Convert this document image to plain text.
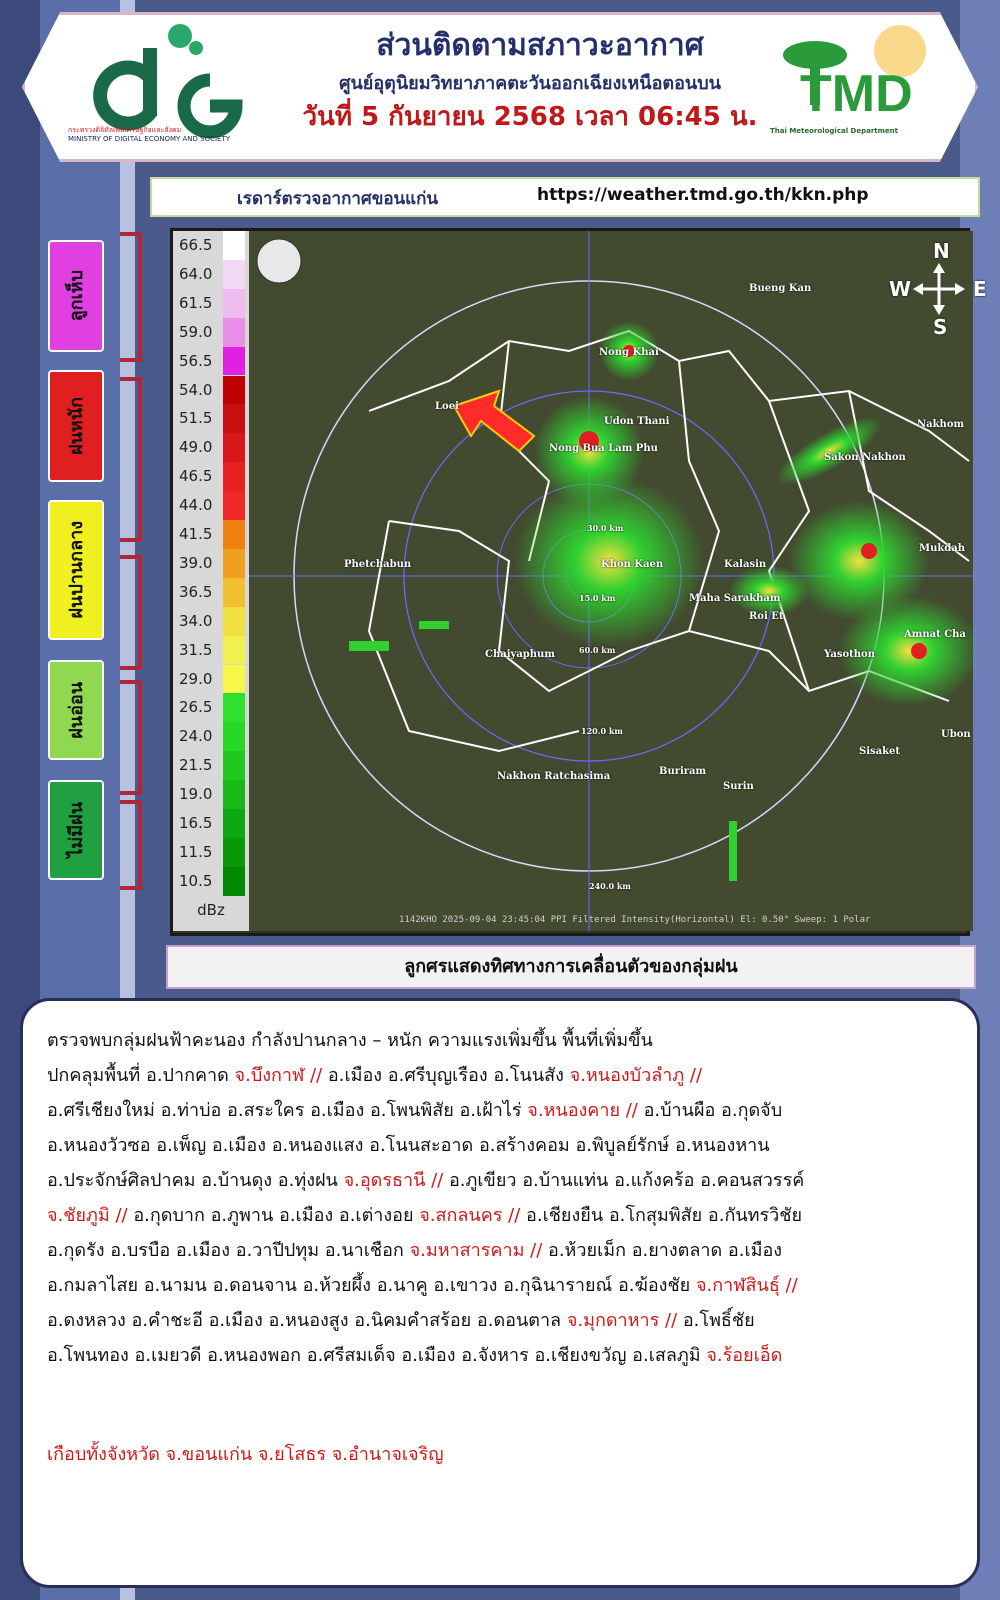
กระทรวงดิจิทัลเพื่อเศรษฐกิจและสังคม
MINISTRY OF DIGITAL ECONOMY AND SOCIETY
ส่วนติดตามสภาวะอากาศ
ศูนย์อุตุนิยมวิทยาภาคตะวันออกเฉียงเหนือตอนบน
วันที่ 5 กันยายน 2568 เวลา 06:45 น. TMD
Thai Meteorological Department
เรดาร์ตรวจอากาศขอนแก่น	https://weather.tmd.go.th/kkn.php
ลูกเห็บ
ฝนหนัก
ฝนปานกลาง
ฝนอ่อน
ไม่มีฝน
66.5
64.0
61.5
59.0
56.5
54.0
51.5
49.0
46.5
44.0
41.5
39.0
36.5
34.0
31.5
29.0
26.5
24.0
21.5
19.0
16.5
11.5
10.5
dBz
Bueng Kan
Nong Khai
Udon Thani	Nakhom
Nong Bua Lam Phu
Sakon Nakhon
Mukdah
Phetchabun	Khon Kaen	Kalasin
Maha Sarakham
Roi Et
Amnat Cha
Chaiyaphum	Yasothon
Ubon
Sisaket
Nakhon Ratchasima	Buriram
Surin
Loei
60.0 km
120.0 km
240.0 km
30.0 km
15.0 km
N
S
W	E
1142KHO 2025-09-04 23:45:04 PPI Filtered Intensity(Horizontal) El: 0.50° Sweep: 1 Polar
ลูกศรแสดงทิศทางการเคลื่อนตัวของกลุ่มฝน
ตรวจพบกลุ่มฝนฟ้าคะนอง กำลังปานกลาง – หนัก ความแรงเพิ่มขึ้น พื้นที่เพิ่มขึ้น
ปกคลุมพื้นที่ อ.ปากคาด จ.บึงกาฬ // อ.เมือง อ.ศรีบุญเรือง อ.โนนสัง จ.หนองบัวลำภู //
อ.ศรีเชียงใหม่ อ.ท่าบ่อ อ.สระใคร อ.เมือง อ.โพนพิสัย อ.เฝ้าไร่ จ.หนองคาย // อ.บ้านผือ อ.กุดจับ
อ.หนองวัวซอ อ.เพ็ญ อ.เมือง อ.หนองแสง อ.โนนสะอาด อ.สร้างคอม อ.พิบูลย์รักษ์ อ.หนองหาน
อ.ประจักษ์ศิลปาคม อ.บ้านดุง อ.ทุ่งฝน จ.อุดรธานี // อ.ภูเขียว อ.บ้านแท่น อ.แก้งคร้อ อ.คอนสวรรค์
จ.ชัยภูมิ // อ.กุดบาก อ.ภูพาน อ.เมือง อ.เต่างอย จ.สกลนคร // อ.เชียงยืน อ.โกสุมพิสัย อ.กันทรวิชัย
อ.กุดรัง อ.บรบือ อ.เมือง อ.วาปีปทุม อ.นาเชือก จ.มหาสารคาม // อ.ห้วยเม็ก อ.ยางตลาด อ.เมือง
อ.กมลาไสย อ.นามน อ.ดอนจาน อ.ห้วยผึ้ง อ.นาคู อ.เขาวง อ.กุฉินารายณ์ อ.ฆ้องชัย จ.กาฬสินธุ์ //
อ.ดงหลวง อ.คำชะอี อ.เมือง อ.หนองสูง อ.นิคมคำสร้อย อ.ดอนตาล จ.มุกดาหาร // อ.โพธิ์ชัย
อ.โพนทอง อ.เมยวดี อ.หนองพอก อ.ศรีสมเด็จ อ.เมือง อ.จังหาร อ.เชียงขวัญ อ.เสลภูมิ จ.ร้อยเอ็ด
เกือบทั้งจังหวัด จ.ขอนแก่น จ.ยโสธร จ.อำนาจเจริญ
